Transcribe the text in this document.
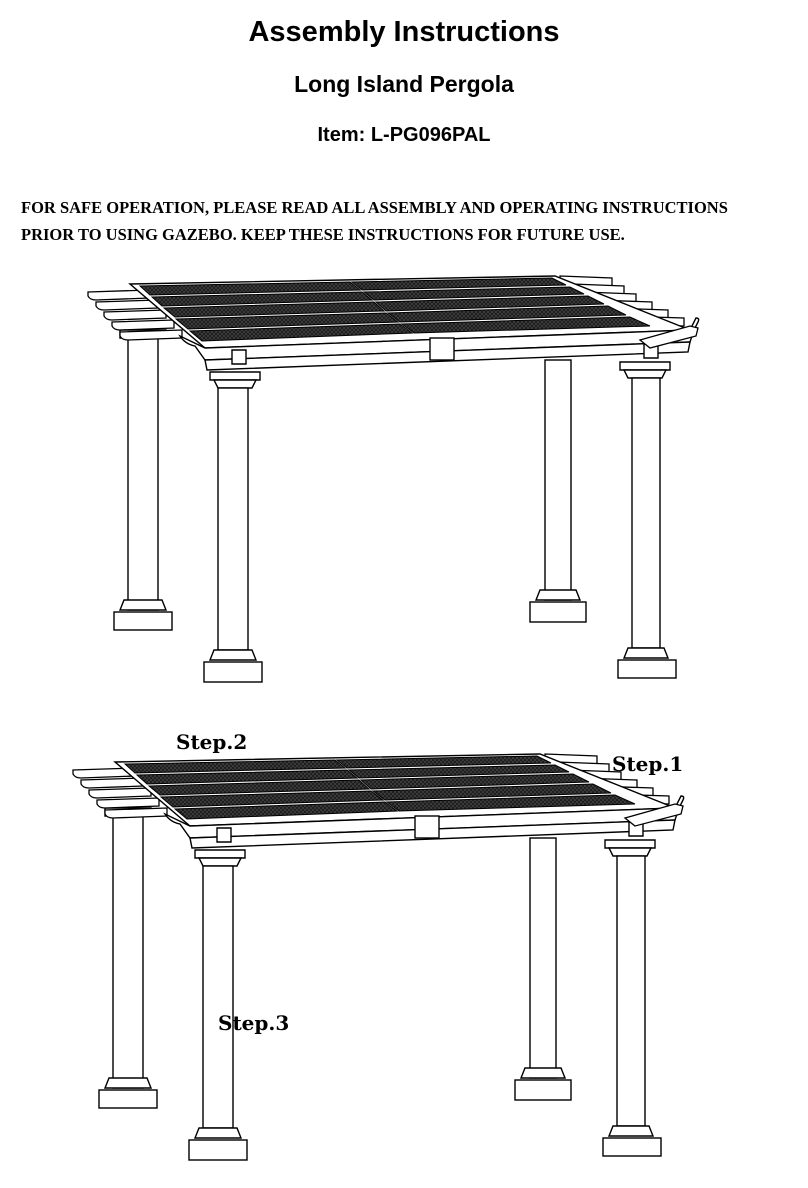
Assembly Instructions
Long Island Pergola
Item: L-PG096PAL
FOR SAFE OPERATION, PLEASE READ ALL ASSEMBLY AND OPERATING INSTRUCTIONS
PRIOR TO USING GAZEBO. KEEP THESE INSTRUCTIONS FOR FUTURE USE.
Step.2
Step.1
Step.3
